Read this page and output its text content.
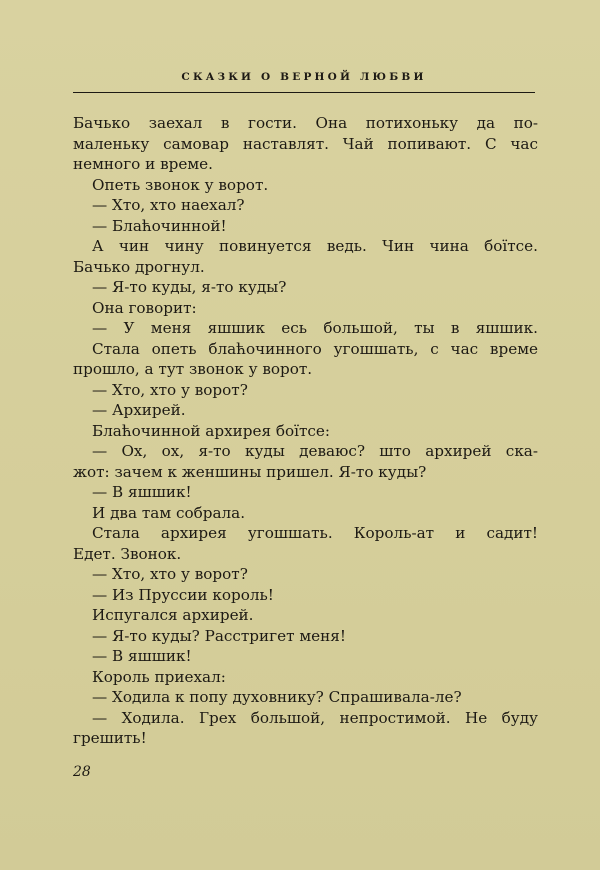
СКАЗКИ О ВЕРНОЙ ЛЮБВИ
Бачько заехал в гости. Она потихоньку да по-
маленьку самовар наставлят. Чай попивают. С час
немного и време.
Опеть звонок у ворот.
— Хто, хто наехал?
— Блаћочинной!
А чин чину повинуется ведь. Чин чина боїтсе.
Бачько дрогнул.
— Я-то куды, я-то куды?
Она говорит:
— У меня яшшик есь большой, ты в яшшик.
Стала опеть блаћочинного угошшать, с час време
прошло, а тут звонок у ворот.
— Хто, хто у ворот?
— Архирей.
Блаћочинной архирея боїтсе:
— Ох, ох, я-то куды деваюс? што архирей ска-
жот: зачем к женшины пришел. Я-то куды?
— В яшшик!
И два там собрала.
Стала архирея угошшать. Король-ат и садит!
Едет. Звонок.
— Хто, хто у ворот?
— Из Пруссии король!
Испугался архирей.
— Я-то куды? Расстригет меня!
— В яшшик!
Король приехал:
— Ходила к попу духовнику? Спрашивала-ле?
— Ходила. Грех большой, непростимой. Не буду
грешить!
28
